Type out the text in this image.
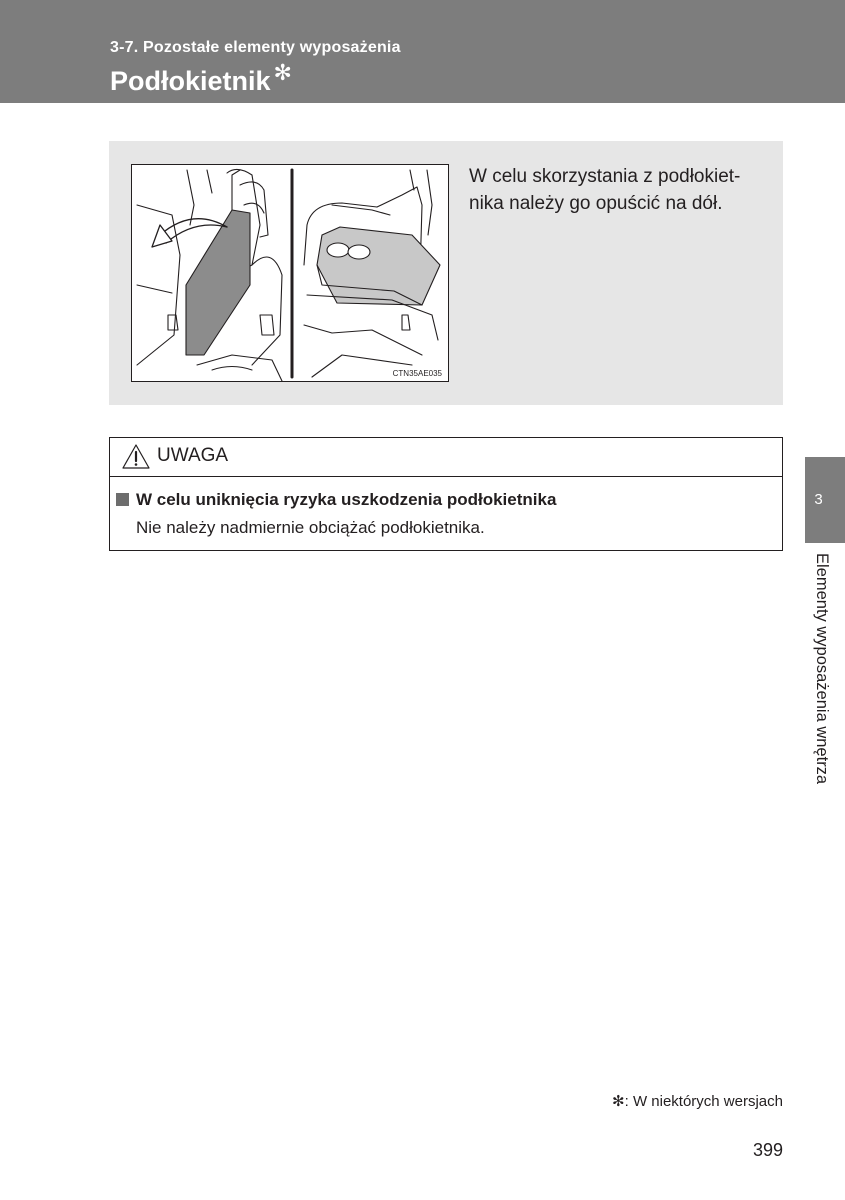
3-7. Pozostałe elementy wyposażenia
Podłokietnik ✻
CTN35AE035
W celu skorzystania z podłokiet-
nika należy go opuścić na dół.
UWAGA
W celu uniknięcia ryzyka uszkodzenia podłokietnika
Nie należy nadmiernie obciążać podłokietnika.
3
Elementy wyposażenia wnętrza
✻: W niektórych wersjach
399
